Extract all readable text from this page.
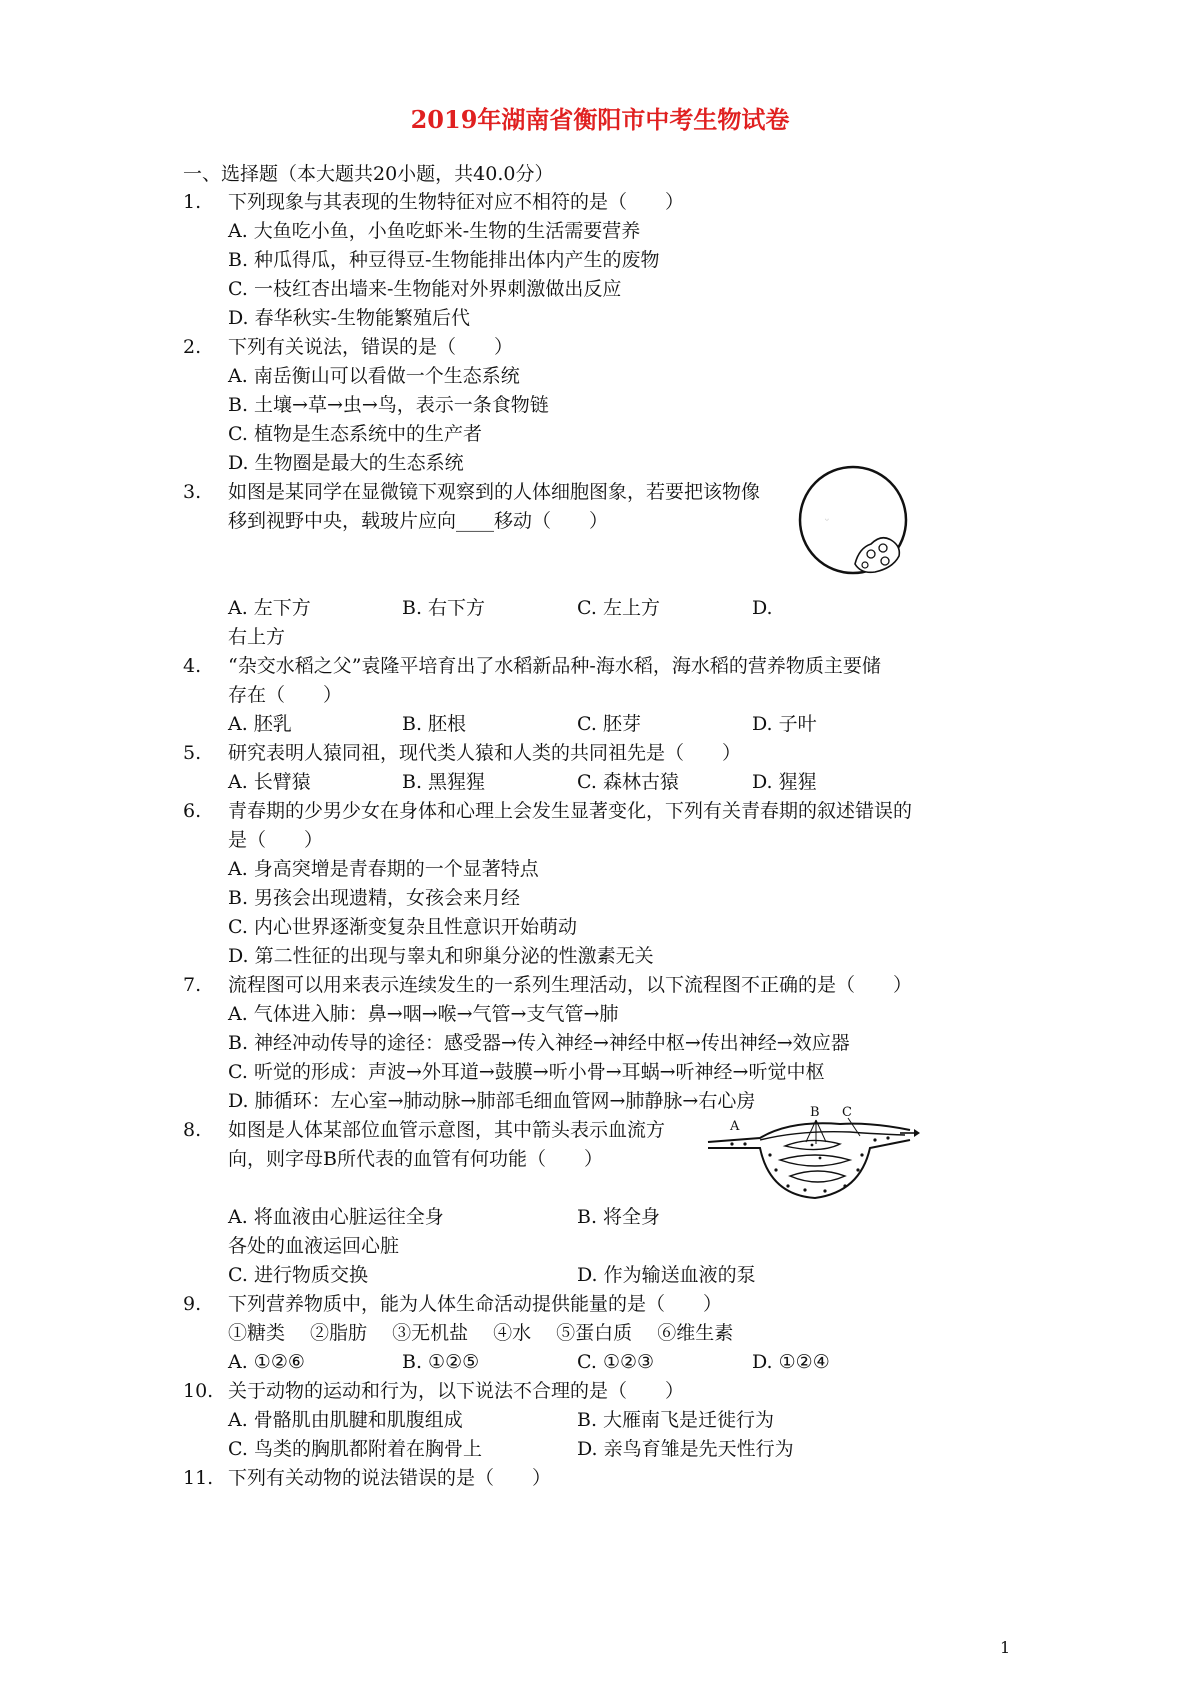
2019年湖南省衡阳市中考生物试卷
一、选择题（本大题共20小题，共40.0分）
1. 下列现象与其表现的生物特征对应不相符的是（　　）
A. 大鱼吃小鱼，小鱼吃虾米-生物的生活需要营养
B. 种瓜得瓜，种豆得豆-生物能排出体内产生的废物
C. 一枝红杏出墙来-生物能对外界刺激做出反应
D. 春华秋实-生物能繁殖后代
2. 下列有关说法，错误的是（　　）
A. 南岳衡山可以看做一个生态系统
B. 土壤→草→虫→鸟，表示一条食物链
C. 植物是生态系统中的生产者
D. 生物圈是最大的生态系统
3. 如图是某同学在显微镜下观察到的人体细胞图象，若要把该物像
移到视野中央，载玻片应向____移动（　　）	ᵕ
A. 左下方	B. 右下方	C. 左上方	D.
右上方
4. “杂交水稻之父”袁隆平培育出了水稻新品种-海水稻，海水稻的营养物质主要储
存在（　　）
A. 胚乳	B. 胚根	C. 胚芽	D. 子叶
5. 研究表明人猿同祖，现代类人猿和人类的共同祖先是（　　）
A. 长臂猿	B. 黑猩猩	C. 森林古猿	D. 猩猩
6. 青春期的少男少女在身体和心理上会发生显著变化，下列有关青春期的叙述错误的
是（　　）
A. 身高突增是青春期的一个显著特点
B. 男孩会出现遗精，女孩会来月经
C. 内心世界逐渐变复杂且性意识开始萌动
D. 第二性征的出现与睾丸和卵巢分泌的性激素无关
7. 流程图可以用来表示连续发生的一系列生理活动，以下流程图不正确的是（　　）
A. 气体进入肺：鼻→咽→喉→气管→支气管→肺
B. 神经冲动传导的途径：感受器→传入神经→神经中枢→传出神经→效应器
C. 听觉的形成：声波→外耳道→鼓膜→听小骨→耳蜗→听神经→听觉中枢
D. 肺循环：左心室→肺动脉→肺部毛细血管网→肺静脉→右心房
8. 如图是人体某部位血管示意图，其中箭头表示血流方
向，则字母B所代表的血管有何功能（　　）
A
B C
A. 将血液由心脏运往全身	B. 将全身
各处的血液运回心脏
C. 进行物质交换	D. 作为输送血液的泵
9. 下列营养物质中，能为人体生命活动提供能量的是（　　）
①糖类　 ②脂肪　 ③无机盐　 ④水　 ⑤蛋白质　 ⑥维生素
A. ①②⑥	B. ①②⑤	C. ①②③	D. ①②④
10. 关于动物的运动和行为，以下说法不合理的是（　　）
A. 骨骼肌由肌腱和肌腹组成	B. 大雁南飞是迁徙行为
C. 鸟类的胸肌都附着在胸骨上	D. 亲鸟育雏是先天性行为
11. 下列有关动物的说法错误的是（　　）
1
